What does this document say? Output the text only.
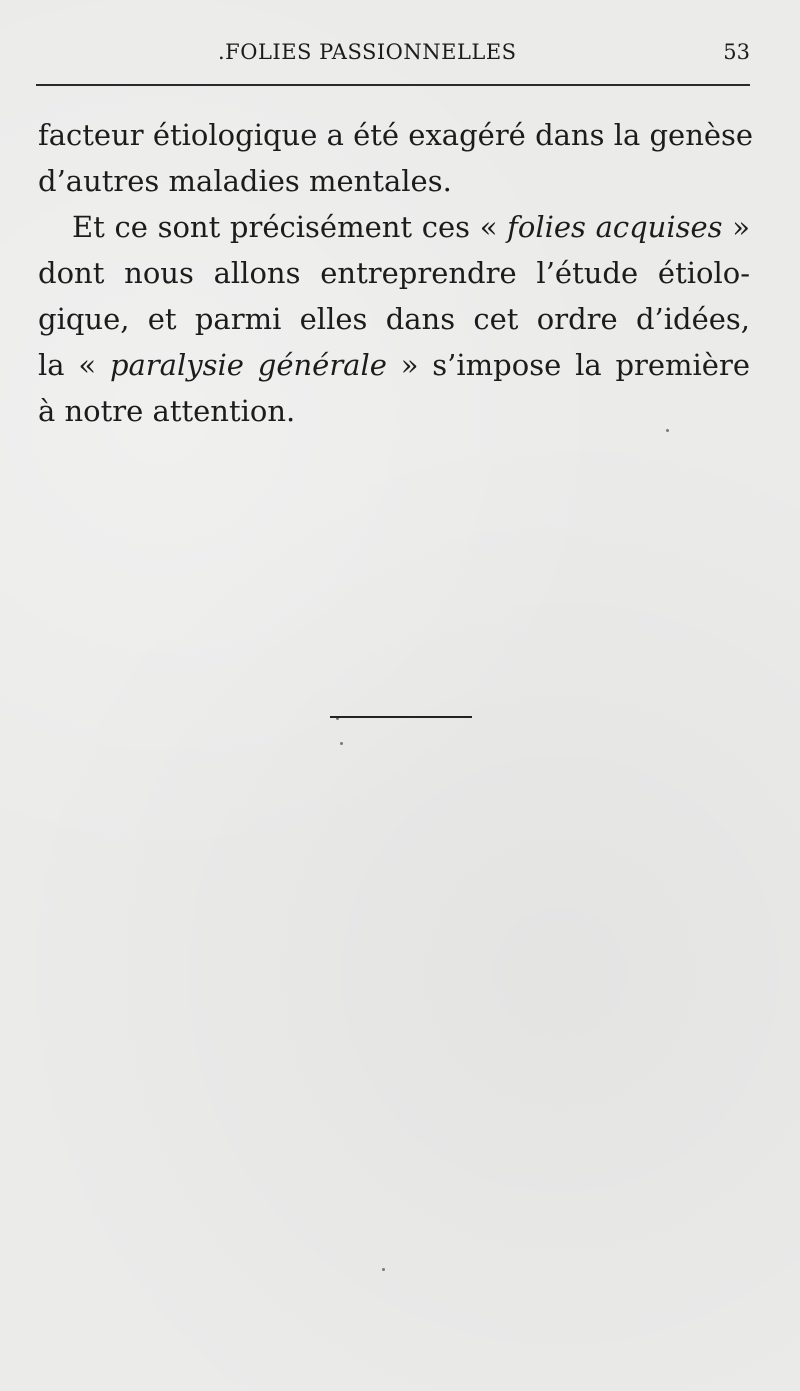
.FOLIES PASSIONNELLES	53
facteur étiologique a été exagéré dans la genèse
d’autres maladies mentales.
Et ce sont précisément ces « folies acquises »
dont nous allons entreprendre l’étude étiolo-
gique, et parmi elles dans cet ordre d’idées,
la « paralysie générale » s’impose la première
à notre attention.
